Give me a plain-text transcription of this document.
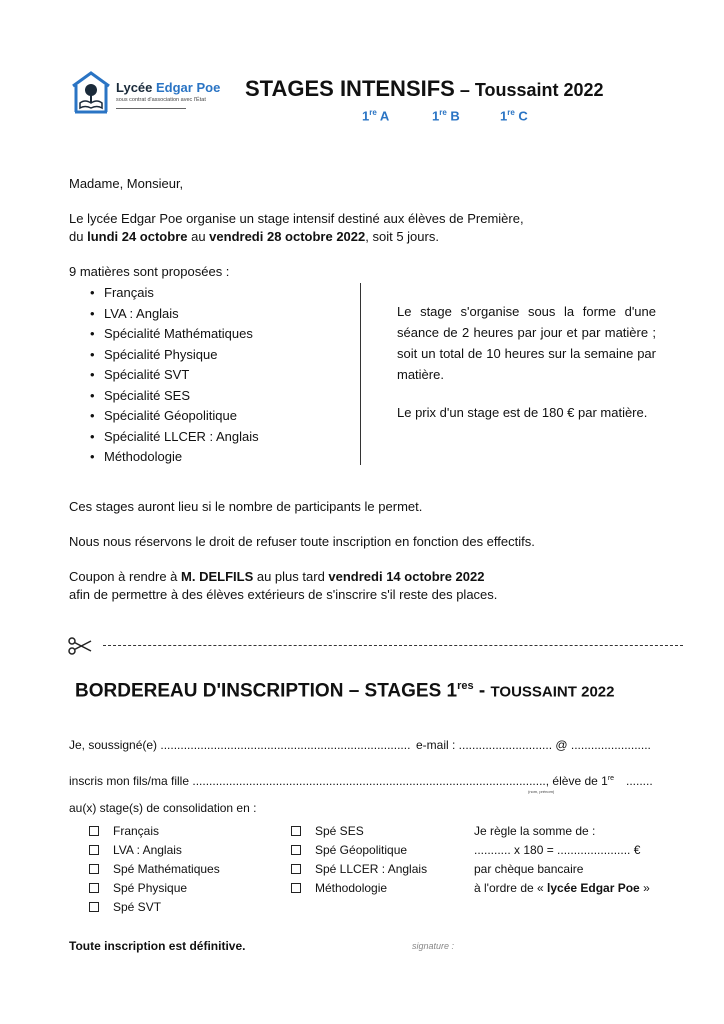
Lycée Edgar Poe
sous contrat d'association avec l'État STAGES INTENSIFS – Toussaint 2022
1re A	1re B	1re C
Madame, Monsieur,
Le lycée Edgar Poe organise un stage intensif destiné aux élèves de Première,
du lundi 24 octobre au vendredi 28 octobre 2022, soit 5 jours.
9 matières sont proposées :
• Français
• LVA : Anglais
• Spécialité Mathématiques
• Spécialité Physique
• Spécialité SVT
• Spécialité SES
• Spécialité Géopolitique
• Spécialité LLCER : Anglais
• Méthodologie
Le stage s'organise sous la forme d'une séance de 2 heures par jour et par matière ; soit un total de 10 heures sur la semaine par matière.
Le prix d'un stage est de 180 € par matière.
Ces stages auront lieu si le nombre de participants le permet.
Nous nous réservons le droit de refuser toute inscription en fonction des effectifs.
Coupon à rendre à M. DELFILS au plus tard vendredi 14 octobre 2022
afin de permettre à des élèves extérieurs de s'inscrire s'il reste des places.
BORDEREAU D'INSCRIPTION – STAGES 1res - TOUSSAINT 2022
Je, soussigné(e) ........................................................................... e-mail : ............................ @ ........................
inscris mon fils/ma fille .........................................................................................................., élève de 1re ........
(nom, prénom)
au(x) stage(s) de consolidation en :
Français
LVA : Anglais
Spé Mathématiques
Spé Physique
Spé SVT
Spé SES
Spé Géopolitique
Spé LLCER : Anglais
Méthodologie
Je règle la somme de :
........... x 180 = ...................... €
par chèque bancaire
à l'ordre de « lycée Edgar Poe »
Toute inscription est définitive.	signature :
